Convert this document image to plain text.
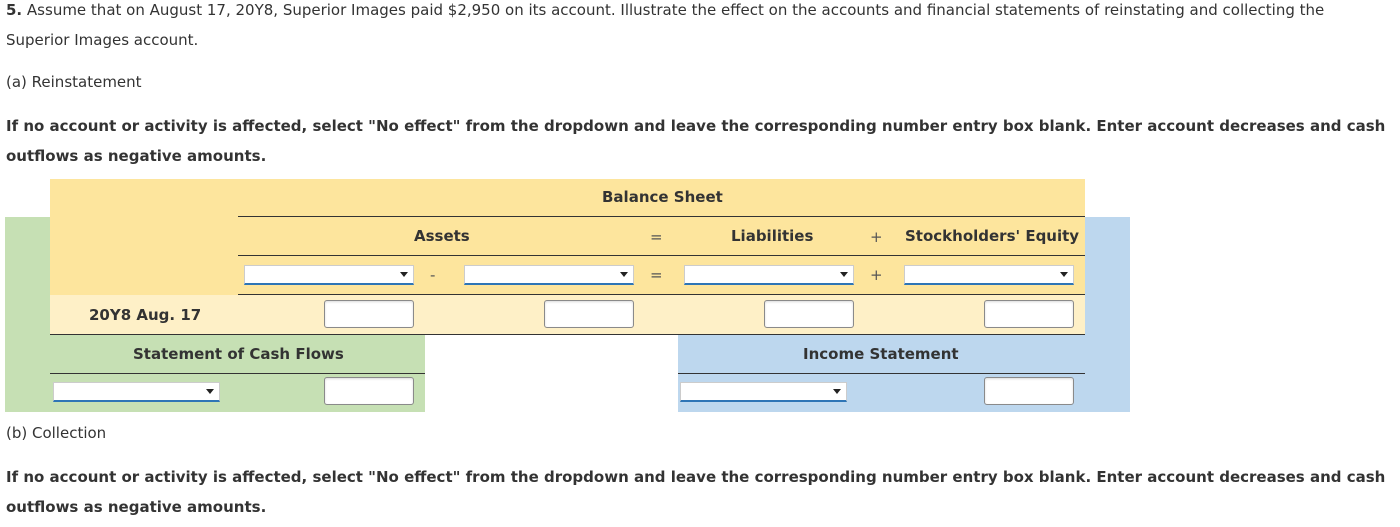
5. Assume that on August 17, 20Y8, Superior Images paid $2,950 on its account. Illustrate the effect on the accounts and financial statements of reinstating and collecting the Superior Images account.
(a) Reinstatement
If no account or activity is affected, select "No effect" from the dropdown and leave the corresponding number entry box blank. Enter account decreases and cash outflows as negative amounts.
Balance Sheet
Assets	=	Liabilities	+ Stockholders' Equity
-	=	+
20Y8 Aug. 17
Statement of Cash Flows	Income Statement
(b) Collection
If no account or activity is affected, select "No effect" from the dropdown and leave the corresponding number entry box blank. Enter account decreases and cash outflows as negative amounts.
